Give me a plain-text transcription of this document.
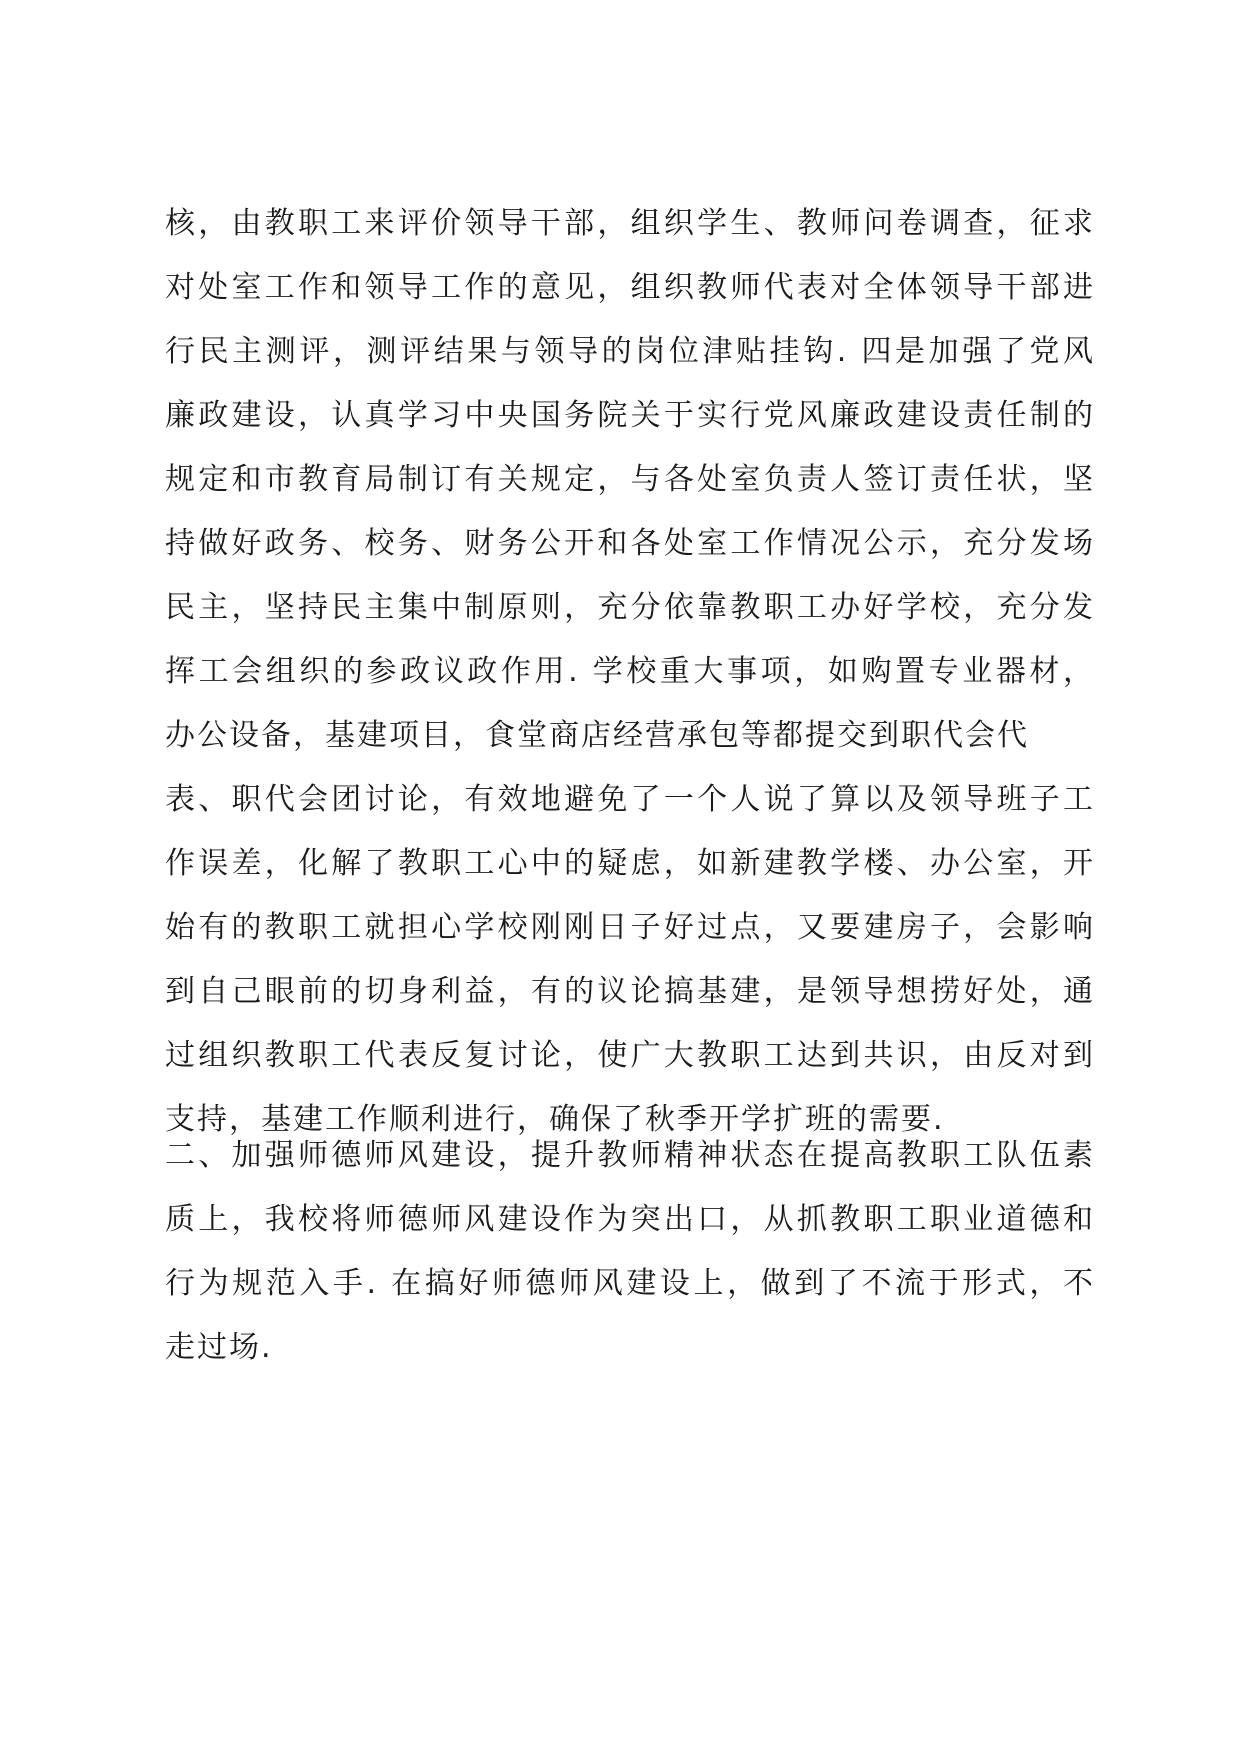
核，由教职工来评价领导干部，组织学生、教师问卷调查，征求
对处室工作和领导工作的意见，组织教师代表对全体领导干部进
行民主测评，测评结果与领导的岗位津贴挂钩. 四是加强了党风
廉政建设，认真学习中央国务院关于实行党风廉政建设责任制的
规定和市教育局制订有关规定，与各处室负责人签订责任状，坚
持做好政务、校务、财务公开和各处室工作情况公示，充分发场
民主，坚持民主集中制原则，充分依靠教职工办好学校，充分发
挥工会组织的参政议政作用. 学校重大事项，如购置专业器材，
办公设备，基建项目，食堂商店经营承包等都提交到职代会代
表、职代会团讨论，有效地避免了一个人说了算以及领导班子工
作误差，化解了教职工心中的疑虑，如新建教学楼、办公室，开
始有的教职工就担心学校刚刚日子好过点，又要建房子，会影响
到自己眼前的切身利益，有的议论搞基建，是领导想捞好处，通
过组织教职工代表反复讨论，使广大教职工达到共识，由反对到
支持，基建工作顺利进行，确保了秋季开学扩班的需要.
二、加强师德师风建设，提升教师精神状态在提高教职工队伍素
质上，我校将师德师风建设作为突出口，从抓教职工职业道德和
行为规范入手. 在搞好师德师风建设上，做到了不流于形式，不
走过场.
